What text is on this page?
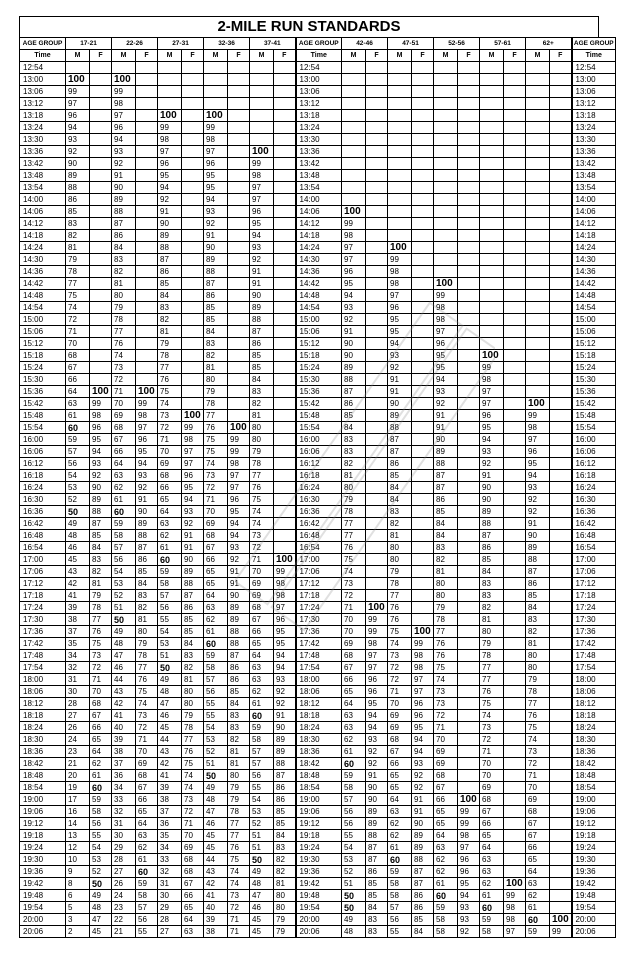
2-MILE RUN STANDARDS
AGE GROUP	17-21		22-26		27-31		32-36		37-41		AGE GROUP	42-46		47-51		52-56		57-61		62+		AGE GROUP
Time	M	F	M	F	M	F	M	F	M	F	Time	M	F	M	F	M	F	M	F	M	F	Time
12:54											12:54											12:54
13:00	100		100								13:00											13:00
13:06	99		99								13:06											13:06
13:12	97		98								13:12											13:12
13:18	96		97		100		100				13:18											13:18
13:24	94		96		99		99				13:24											13:24
13:30	93		94		98		98				13:30											13:30
13:36	92		93		97		97		100		13:36											13:36
13:42	90		92		96		96		99		13:42											13:42
13:48	89		91		95		95		98		13:48											13:48
13:54	88		90		94		95		97		13:54											13:54
14:00	86		89		92		94		97		14:00											14:00
14:06	85		88		91		93		96		14:06	100										14:06
14:12	83		87		90		92		95		14:12	99										14:12
14:18	82		86		89		91		94		14:18	98										14:18
14:24	81		84		88		90		93		14:24	97		100								14:24
14:30	79		83		87		89		92		14:30	97		99								14:30
14:36	78		82		86		88		91		14:36	96		98								14:36
14:42	77		81		85		87		91		14:42	95		98		100						14:42
14:48	75		80		84		86		90		14:48	94		97		99						14:48
14:54	74		79		83		85		89		14:54	93		96		98						14:54
15:00	72		78		82		85		88		15:00	92		95		98						15:00
15:06	71		77		81		84		87		15:06	91		95		97						15:06
15:12	70		76		79		83		86		15:12	90		94		96						15:12
15:18	68		74		78		82		85		15:18	90		93		95		100				15:18
15:24	67		73		77		81		85		15:24	89		92		95		99				15:24
15:30	66		72		76		80		84		15:30	88		91		94		98				15:30
15:36	64	100	71	100	75		79		83		15:36	87		91		93		97				15:36
15:42	63	99	70	99	74		78		82		15:42	86		90		92		97		100		15:42
15:48	61	98	69	98	73	100	77		81		15:48	85		89		91		96		99		15:48
15:54	60	96	68	97	72	99	76	100	80		15:54	84		88		91		95		98		15:54
16:00	59	95	67	96	71	98	75	99	80		16:00	83		87		90		94		97		16:00
16:06	57	94	66	95	70	97	75	99	79		16:06	83		87		89		93		96		16:06
16:12	56	93	64	94	69	97	74	98	78		16:12	82		86		88		92		95		16:12
16:18	54	92	63	93	68	96	73	97	77		16:18	81		85		87		91		94		16:18
16:24	53	90	62	92	66	95	72	97	76		16:24	80		84		87		90		93		16:24
16:30	52	89	61	91	65	94	71	96	75		16:30	79		84		86		90		92		16:30
16:36	50	88	60	90	64	93	70	95	74		16:36	78		83		85		89		92		16:36
16:42	49	87	59	89	63	92	69	94	74		16:42	77		82		84		88		91		16:42
16:48	48	85	58	88	62	91	68	94	73		16:48	77		81		84		87		90		16:48
16:54	46	84	57	87	61	91	67	93	72		16:54	76		80		83		86		89		16:54
17:00	45	83	56	86	60	90	66	92	71	100	17:00	75		80		82		85		88		17:00
17:06	43	82	54	85	59	89	65	91	70	99	17:06	74		79		81		84		87		17:06
17:12	42	81	53	84	58	88	65	91	69	98	17:12	73		78		80		83		86		17:12
17:18	41	79	52	83	57	87	64	90	69	98	17:18	72		77		80		83		85		17:18
17:24	39	78	51	82	56	86	63	89	68	97	17:24	71	100	76		79		82		84		17:24
17:30	38	77	50	81	55	85	62	89	67	96	17:30	70	99	76		78		81		83		17:30
17:36	37	76	49	80	54	85	61	88	66	95	17:36	70	99	75	100	77		80		82		17:36
17:42	35	75	48	79	53	84	60	88	65	95	17:42	69	98	74	99	76		79		81		17:42
17:48	34	73	47	78	51	83	59	87	64	94	17:48	68	97	73	98	76		78		80		17:48
17:54	32	72	46	77	50	82	58	86	63	94	17:54	67	97	72	98	75		77		80		17:54
18:00	31	71	44	76	49	81	57	86	63	93	18:00	66	96	72	97	74		77		79		18:00
18:06	30	70	43	75	48	80	56	85	62	92	18:06	65	96	71	97	73		76		78		18:06
18:12	28	68	42	74	47	80	55	84	61	92	18:12	64	95	70	96	73		75		77		18:12
18:18	27	67	41	73	46	79	55	83	60	91	18:18	63	94	69	96	72		74		76		18:18
18:24	26	66	40	72	45	78	54	83	59	90	18:24	63	94	69	95	71		73		75		18:24
18:30	24	65	39	71	44	77	53	82	58	89	18:30	62	93	68	94	70		72		74		18:30
18:36	23	64	38	70	43	76	52	81	57	89	18:36	61	92	67	94	69		71		73		18:36
18:42	21	62	37	69	42	75	51	81	57	88	18:42	60	92	66	93	69		70		72		18:42
18:48	20	61	36	68	41	74	50	80	56	87	18:48	59	91	65	92	68		70		71		18:48
18:54	19	60	34	67	39	74	49	79	55	86	18:54	58	90	65	92	67		69		70		18:54
19:00	17	59	33	66	38	73	48	79	54	86	19:00	57	90	64	91	66	100	68		69		19:00
19:06	16	58	32	65	37	72	47	78	53	85	19:06	56	89	63	91	65	99	67		68		19:06
19:12	14	56	31	64	36	71	46	77	52	85	19:12	56	89	62	90	65	99	66		67		19:12
19:18	13	55	30	63	35	70	45	77	51	84	19:18	55	88	62	89	64	98	65		67		19:18
19:24	12	54	29	62	34	69	45	76	51	83	19:24	54	87	61	89	63	97	64		66		19:24
19:30	10	53	28	61	33	68	44	75	50	82	19:30	53	87	60	88	62	96	63		65		19:30
19:36	9	52	27	60	32	68	43	74	49	82	19:36	52	86	59	87	62	96	63		64		19:36
19:42	8	50	26	59	31	67	42	74	48	81	19:42	51	85	58	87	61	95	62	100	63		19:42
19:48	6	49	24	58	30	66	41	73	47	80	19:48	50	85	58	86	60	94	61	99	62		19:48
19:54	5	48	23	57	29	65	40	72	46	80	19:54	50	84	57	86	59	93	60	98	61		19:54
20:00	3	47	22	56	28	64	39	71	45	79	20:00	49	83	56	85	58	93	59	98	60	100	20:00
20:06	2	45	21	55	27	63	38	71	45	79	20:06	48	83	55	84	58	92	58	97	59	99	20:06
